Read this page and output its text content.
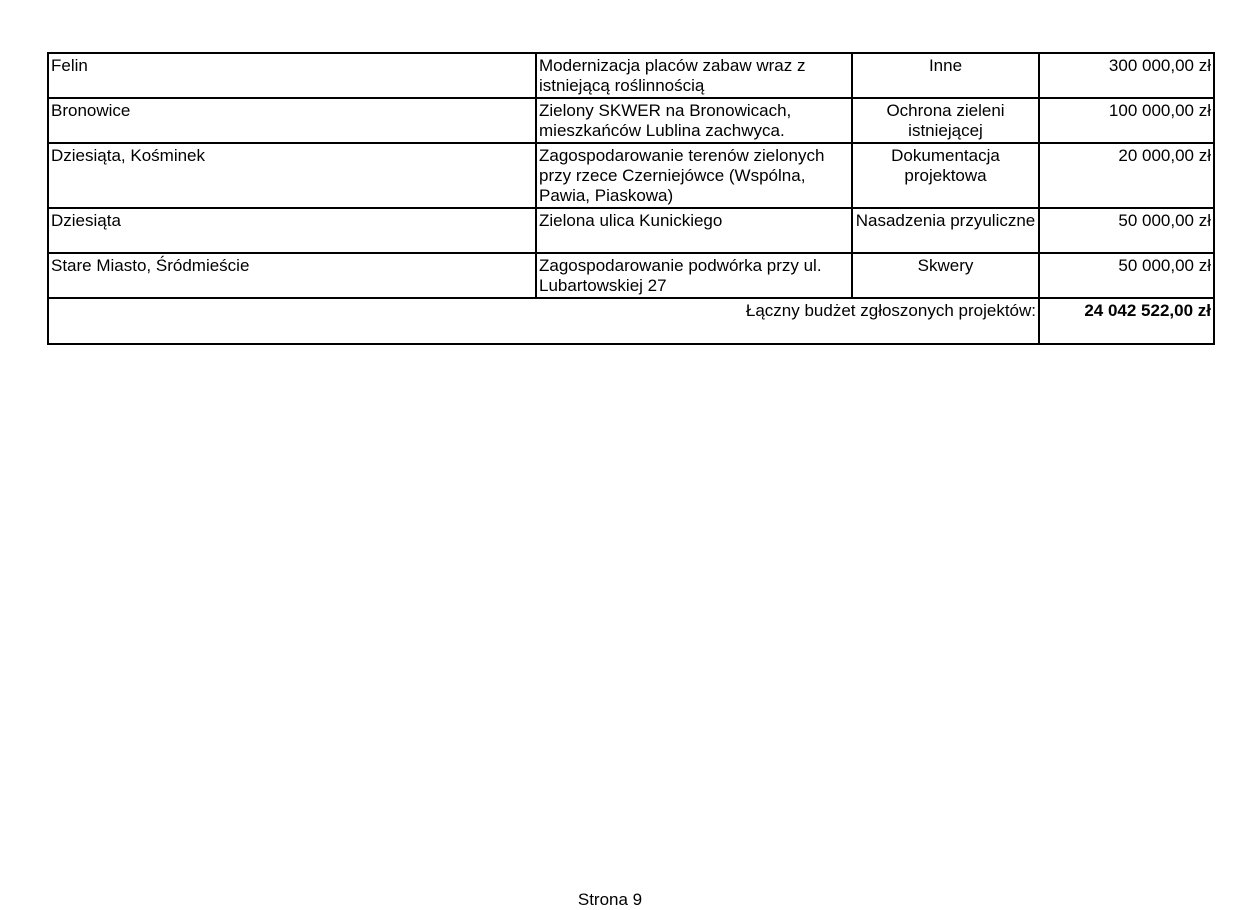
Felin	Modernizacja placów zabaw wraz z istniejącą roślinnością	Inne	300 000,00 zł
Bronowice	Zielony SKWER na Bronowicach, mieszkańców Lublina zachwyca.	Ochrona zieleni istniejącej	100 000,00 zł
Dziesiąta, Kośminek	Zagospodarowanie terenów zielonych przy rzece Czerniejówce (Wspólna, Pawia, Piaskowa)	Dokumentacja projektowa	20 000,00 zł
Dziesiąta	Zielona ulica Kunickiego	Nasadzenia przyuliczne	50 000,00 zł
Stare Miasto, Śródmieście	Zagospodarowanie podwórka przy ul. Lubartowskiej 27	Skwery	50 000,00 zł
Łączny budżet zgłoszonych projektów:			24 042 522,00 zł
Strona 9
